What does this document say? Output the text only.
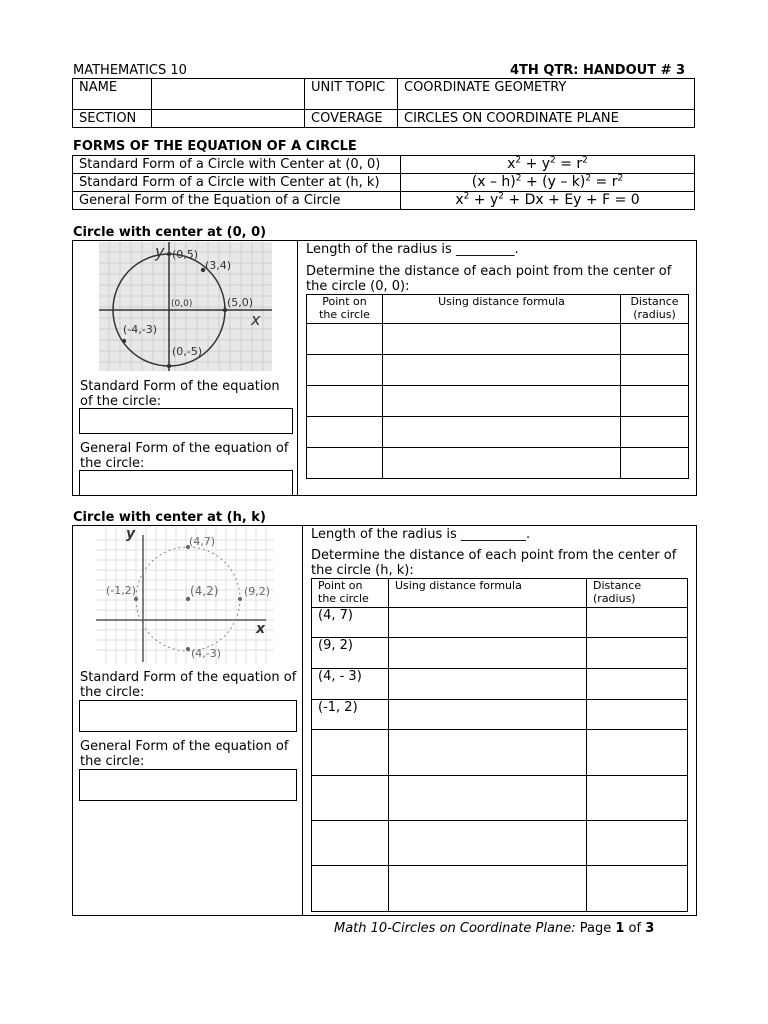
MATHEMATICS 10	4TH QTR: HANDOUT # 3
NAME		UNIT TOPIC	COORDINATE GEOMETRY
SECTION		COVERAGE	CIRCLES ON COORDINATE PLANE
FORMS OF THE EQUATION OF A CIRCLE
Standard Form of a Circle with Center at (0, 0)	$x^2 + y^2 = r^2$
Standard Form of a Circle with Center at (h, k)	$(x - h)^2 + (y - k)^2 = r^2$
General Form of the Equation of a Circle	$x^2 + y^2 + Dx + Ey + F = 0$
Circle with center at (0, 0)
y
x
(0,5)
(3,4)
(0,0)	(5,0)
(-4,-3)
(0,-5)
Standard Form of the equation of the circle:
General Form of the equation of the circle:
Length of the radius is _________.
Determine the distance of each point from the center of the circle (0, 0):
Point on the circle	Using distance formula	Distance (radius)

Circle with center at (h, k)
y
x
(4,7)
(-1,2)	(4,2) (9,2)
(4,-3)
Standard Form of the equation of the circle:
General Form of the equation of the circle:
Length of the radius is __________.
Determine the distance of each point from the center of the circle (h, k):
Point on the circle	Using distance formula	Distance (radius)
(4, 7)		
(9, 2)		
(4, - 3)		
(-1, 2)		

Math 10-Circles on Coordinate Plane: Page 1 of 3
